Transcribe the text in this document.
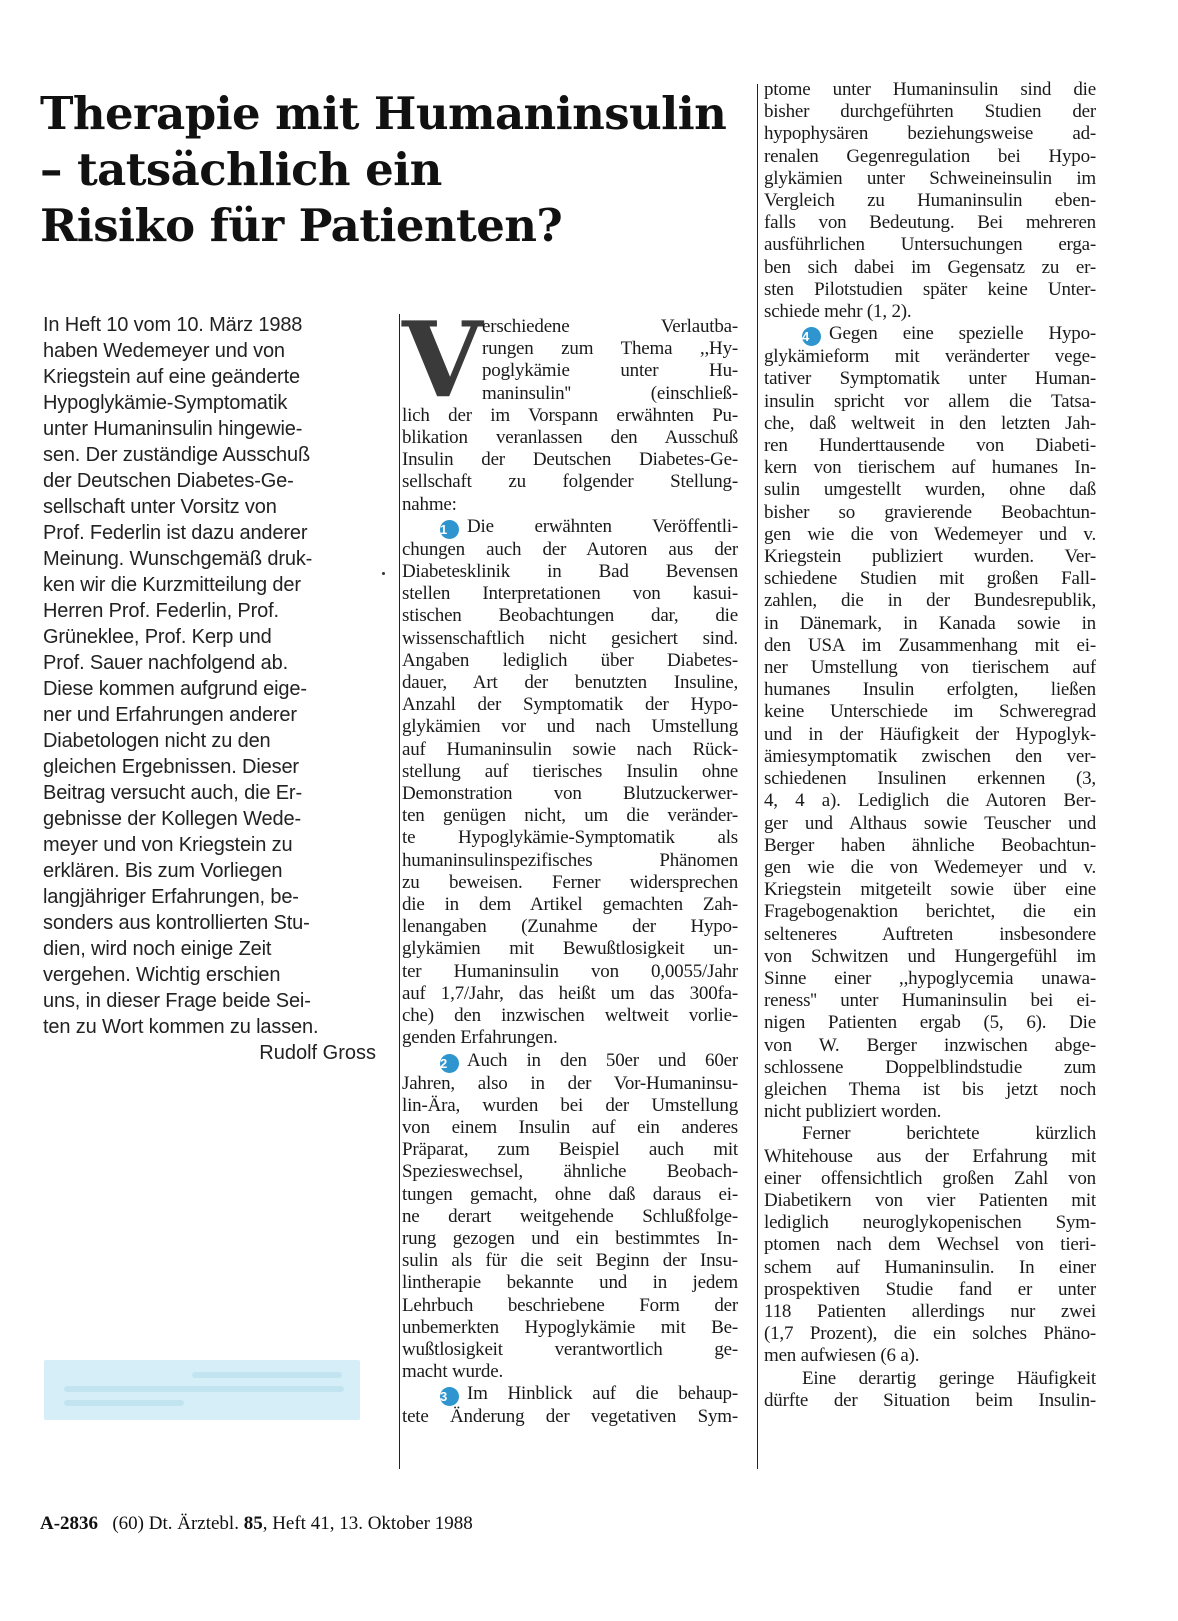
Therapie mit Humaninsulin
– tatsächlich ein
Risiko für Patienten?
In Heft 10 vom 10. März 1988
haben Wedemeyer und von
Kriegstein auf eine geänderte
Hypoglykämie-Symptomatik
unter Humaninsulin hingewie-
sen. Der zuständige Ausschuß
der Deutschen Diabetes-Ge-
sellschaft unter Vorsitz von
Prof. Federlin ist dazu anderer
Meinung. Wunschgemäß druk-
ken wir die Kurzmitteilung der
Herren Prof. Federlin, Prof.
Grüneklee, Prof. Kerp und
Prof. Sauer nachfolgend ab.
Diese kommen aufgrund eige-
ner und Erfahrungen anderer
Diabetologen nicht zu den
gleichen Ergebnissen. Dieser
Beitrag versucht auch, die Er-
gebnisse der Kollegen Wede-
meyer und von Kriegstein zu
erklären. Bis zum Vorliegen
langjähriger Erfahrungen, be-
sonders aus kontrollierten Stu-
dien, wird noch einige Zeit
vergehen. Wichtig erschien
uns, in dieser Frage beide Sei-
ten zu Wort kommen zu lassen.
Rudolf Gross
V erschiedene Verlautba-
rungen zum Thema ,,Hy-
poglykämie unter Hu-
maninsulin'' (einschließ-
lich der im Vorspann erwähnten Pu-
blikation veranlassen den Ausschuß
Insulin der Deutschen Diabetes-Ge-
sellschaft zu folgender Stellung-
nahme:
1 Die erwähnten Veröffentli-
chungen auch der Autoren aus der
Diabetesklinik in Bad Bevensen
stellen Interpretationen von kasui-
stischen Beobachtungen dar, die
wissenschaftlich nicht gesichert sind.
Angaben lediglich über Diabetes-
dauer, Art der benutzten Insuline,
Anzahl der Symptomatik der Hypo-
glykämien vor und nach Umstellung
auf Humaninsulin sowie nach Rück-
stellung auf tierisches Insulin ohne
Demonstration von Blutzuckerwer-
ten genügen nicht, um die veränder-
te Hypoglykämie-Symptomatik als
humaninsulinspezifisches Phänomen
zu beweisen. Ferner widersprechen
die in dem Artikel gemachten Zah-
lenangaben (Zunahme der Hypo-
glykämien mit Bewußtlosigkeit un-
ter Humaninsulin von 0,0055/Jahr
auf 1,7/Jahr, das heißt um das 300fa-
che) den inzwischen weltweit vorlie-
genden Erfahrungen.
2 Auch in den 50er und 60er
Jahren, also in der Vor-Humaninsu-
lin-Ära, wurden bei der Umstellung
von einem Insulin auf ein anderes
Präparat, zum Beispiel auch mit
Spezieswechsel, ähnliche Beobach-
tungen gemacht, ohne daß daraus ei-
ne derart weitgehende Schlußfolge-
rung gezogen und ein bestimmtes In-
sulin als für die seit Beginn der Insu-
lintherapie bekannte und in jedem
Lehrbuch beschriebene Form der
unbemerkten Hypoglykämie mit Be-
wußtlosigkeit verantwortlich ge-
macht wurde.
3 Im Hinblick auf die behaup-
tete Änderung der vegetativen Sym-
ptome unter Humaninsulin sind die
bisher durchgeführten Studien der
hypophysären beziehungsweise ad-
renalen Gegenregulation bei Hypo-
glykämien unter Schweineinsulin im
Vergleich zu Humaninsulin eben-
falls von Bedeutung. Bei mehreren
ausführlichen Untersuchungen erga-
ben sich dabei im Gegensatz zu er-
sten Pilotstudien später keine Unter-
schiede mehr (1, 2).
4 Gegen eine spezielle Hypo-
glykämieform mit veränderter vege-
tativer Symptomatik unter Human-
insulin spricht vor allem die Tatsa-
che, daß weltweit in den letzten Jah-
ren Hunderttausende von Diabeti-
kern von tierischem auf humanes In-
sulin umgestellt wurden, ohne daß
bisher so gravierende Beobachtun-
gen wie die von Wedemeyer und v.
Kriegstein publiziert wurden. Ver-
schiedene Studien mit großen Fall-
zahlen, die in der Bundesrepublik,
in Dänemark, in Kanada sowie in
den USA im Zusammenhang mit ei-
ner Umstellung von tierischem auf
humanes Insulin erfolgten, ließen
keine Unterschiede im Schweregrad
und in der Häufigkeit der Hypoglyk-
ämiesymptomatik zwischen den ver-
schiedenen Insulinen erkennen (3,
4, 4 a). Lediglich die Autoren Ber-
ger und Althaus sowie Teuscher und
Berger haben ähnliche Beobachtun-
gen wie die von Wedemeyer und v.
Kriegstein mitgeteilt sowie über eine
Fragebogenaktion berichtet, die ein
selteneres Auftreten insbesondere
von Schwitzen und Hungergefühl im
Sinne einer ,,hypoglycemia unawa-
reness'' unter Humaninsulin bei ei-
nigen Patienten ergab (5, 6). Die
von W. Berger inzwischen abge-
schlossene Doppelblindstudie zum
gleichen Thema ist bis jetzt noch
nicht publiziert worden.
Ferner berichtete kürzlich
Whitehouse aus der Erfahrung mit
einer offensichtlich großen Zahl von
Diabetikern von vier Patienten mit
lediglich neuroglykopenischen Sym-
ptomen nach dem Wechsel von tieri-
schem auf Humaninsulin. In einer
prospektiven Studie fand er unter
118 Patienten allerdings nur zwei
(1,7 Prozent), die ein solches Phäno-
men aufwiesen (6 a).
Eine derartig geringe Häufigkeit
dürfte der Situation beim Insulin-
A-2836 (60) Dt. Ärztebl. 85, Heft 41, 13. Oktober 1988
